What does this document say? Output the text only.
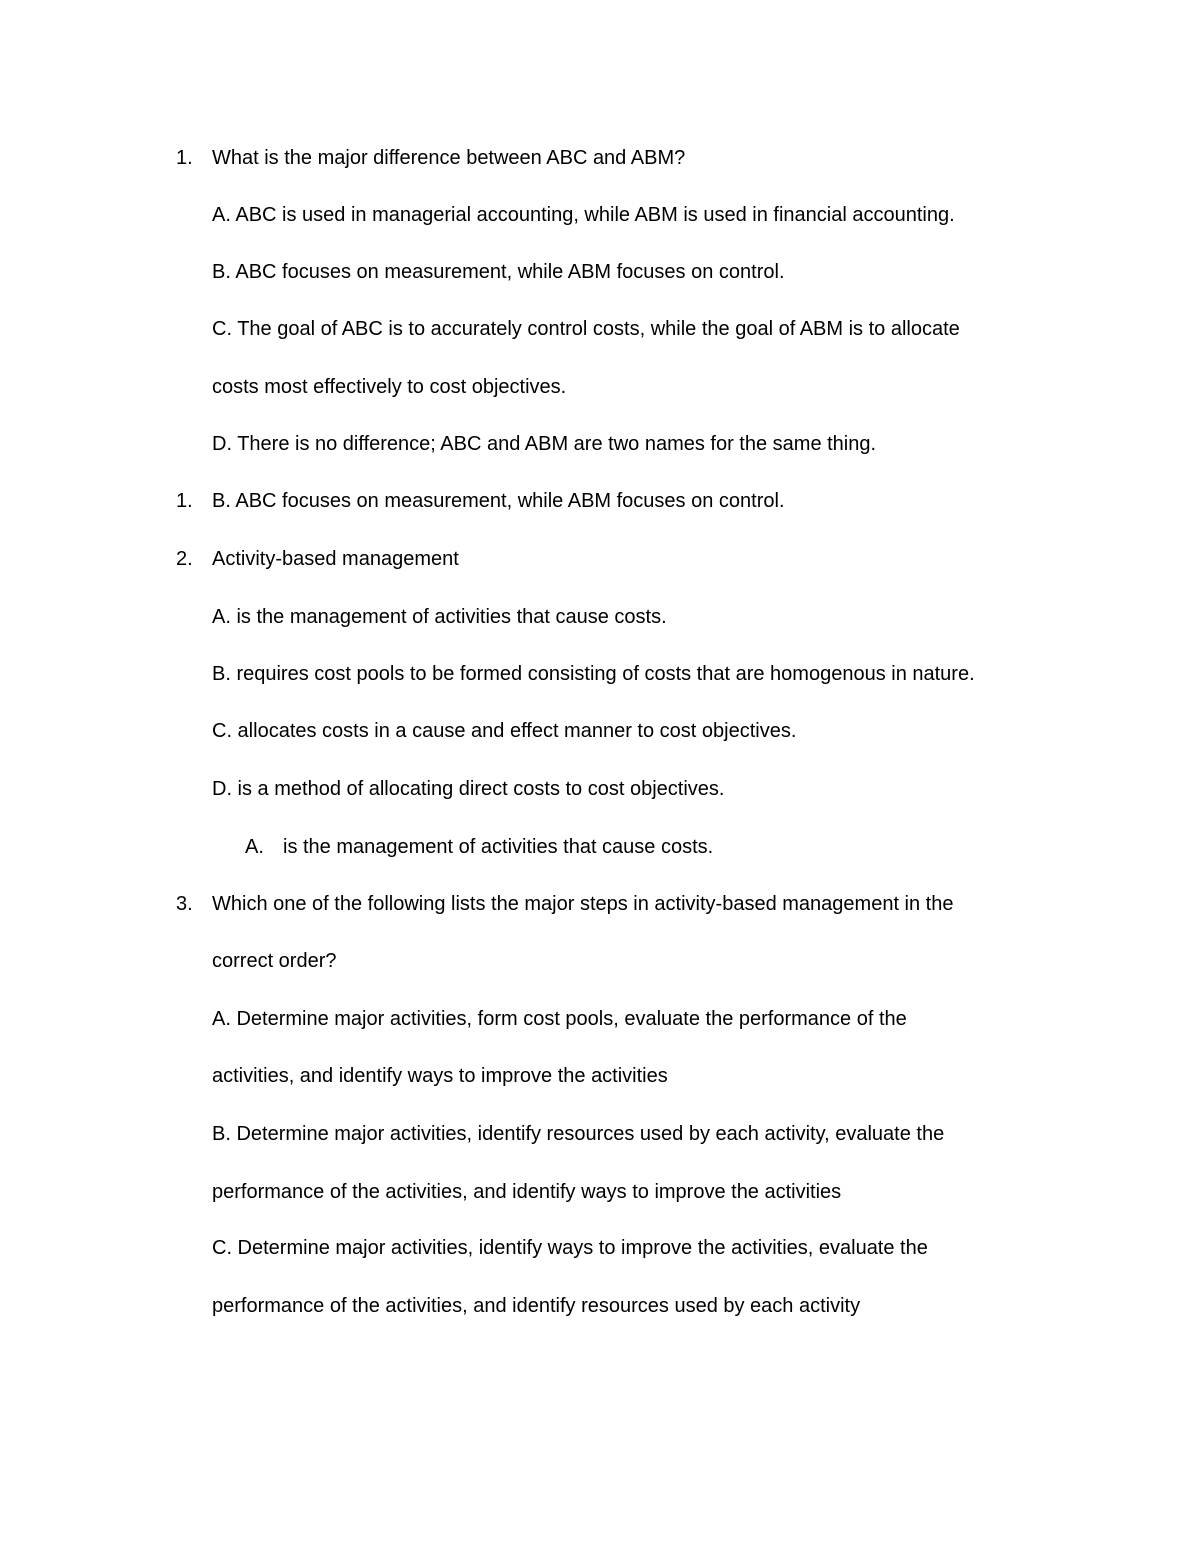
1. What is the major difference between ABC and ABM?
A. ABC is used in managerial accounting, while ABM is used in financial accounting.
B. ABC focuses on measurement, while ABM focuses on control.
C. The goal of ABC is to accurately control costs, while the goal of ABM is to allocate
costs most effectively to cost objectives.
D. There is no difference; ABC and ABM are two names for the same thing.
1. B. ABC focuses on measurement, while ABM focuses on control.
2. Activity-based management
A. is the management of activities that cause costs.
B. requires cost pools to be formed consisting of costs that are homogenous in nature.
C. allocates costs in a cause and effect manner to cost objectives.
D. is a method of allocating direct costs to cost objectives.
A. is the management of activities that cause costs.
3. Which one of the following lists the major steps in activity-based management in the
correct order?
A. Determine major activities, form cost pools, evaluate the performance of the
activities, and identify ways to improve the activities
B. Determine major activities, identify resources used by each activity, evaluate the
performance of the activities, and identify ways to improve the activities
C. Determine major activities, identify ways to improve the activities, evaluate the
performance of the activities, and identify resources used by each activity
